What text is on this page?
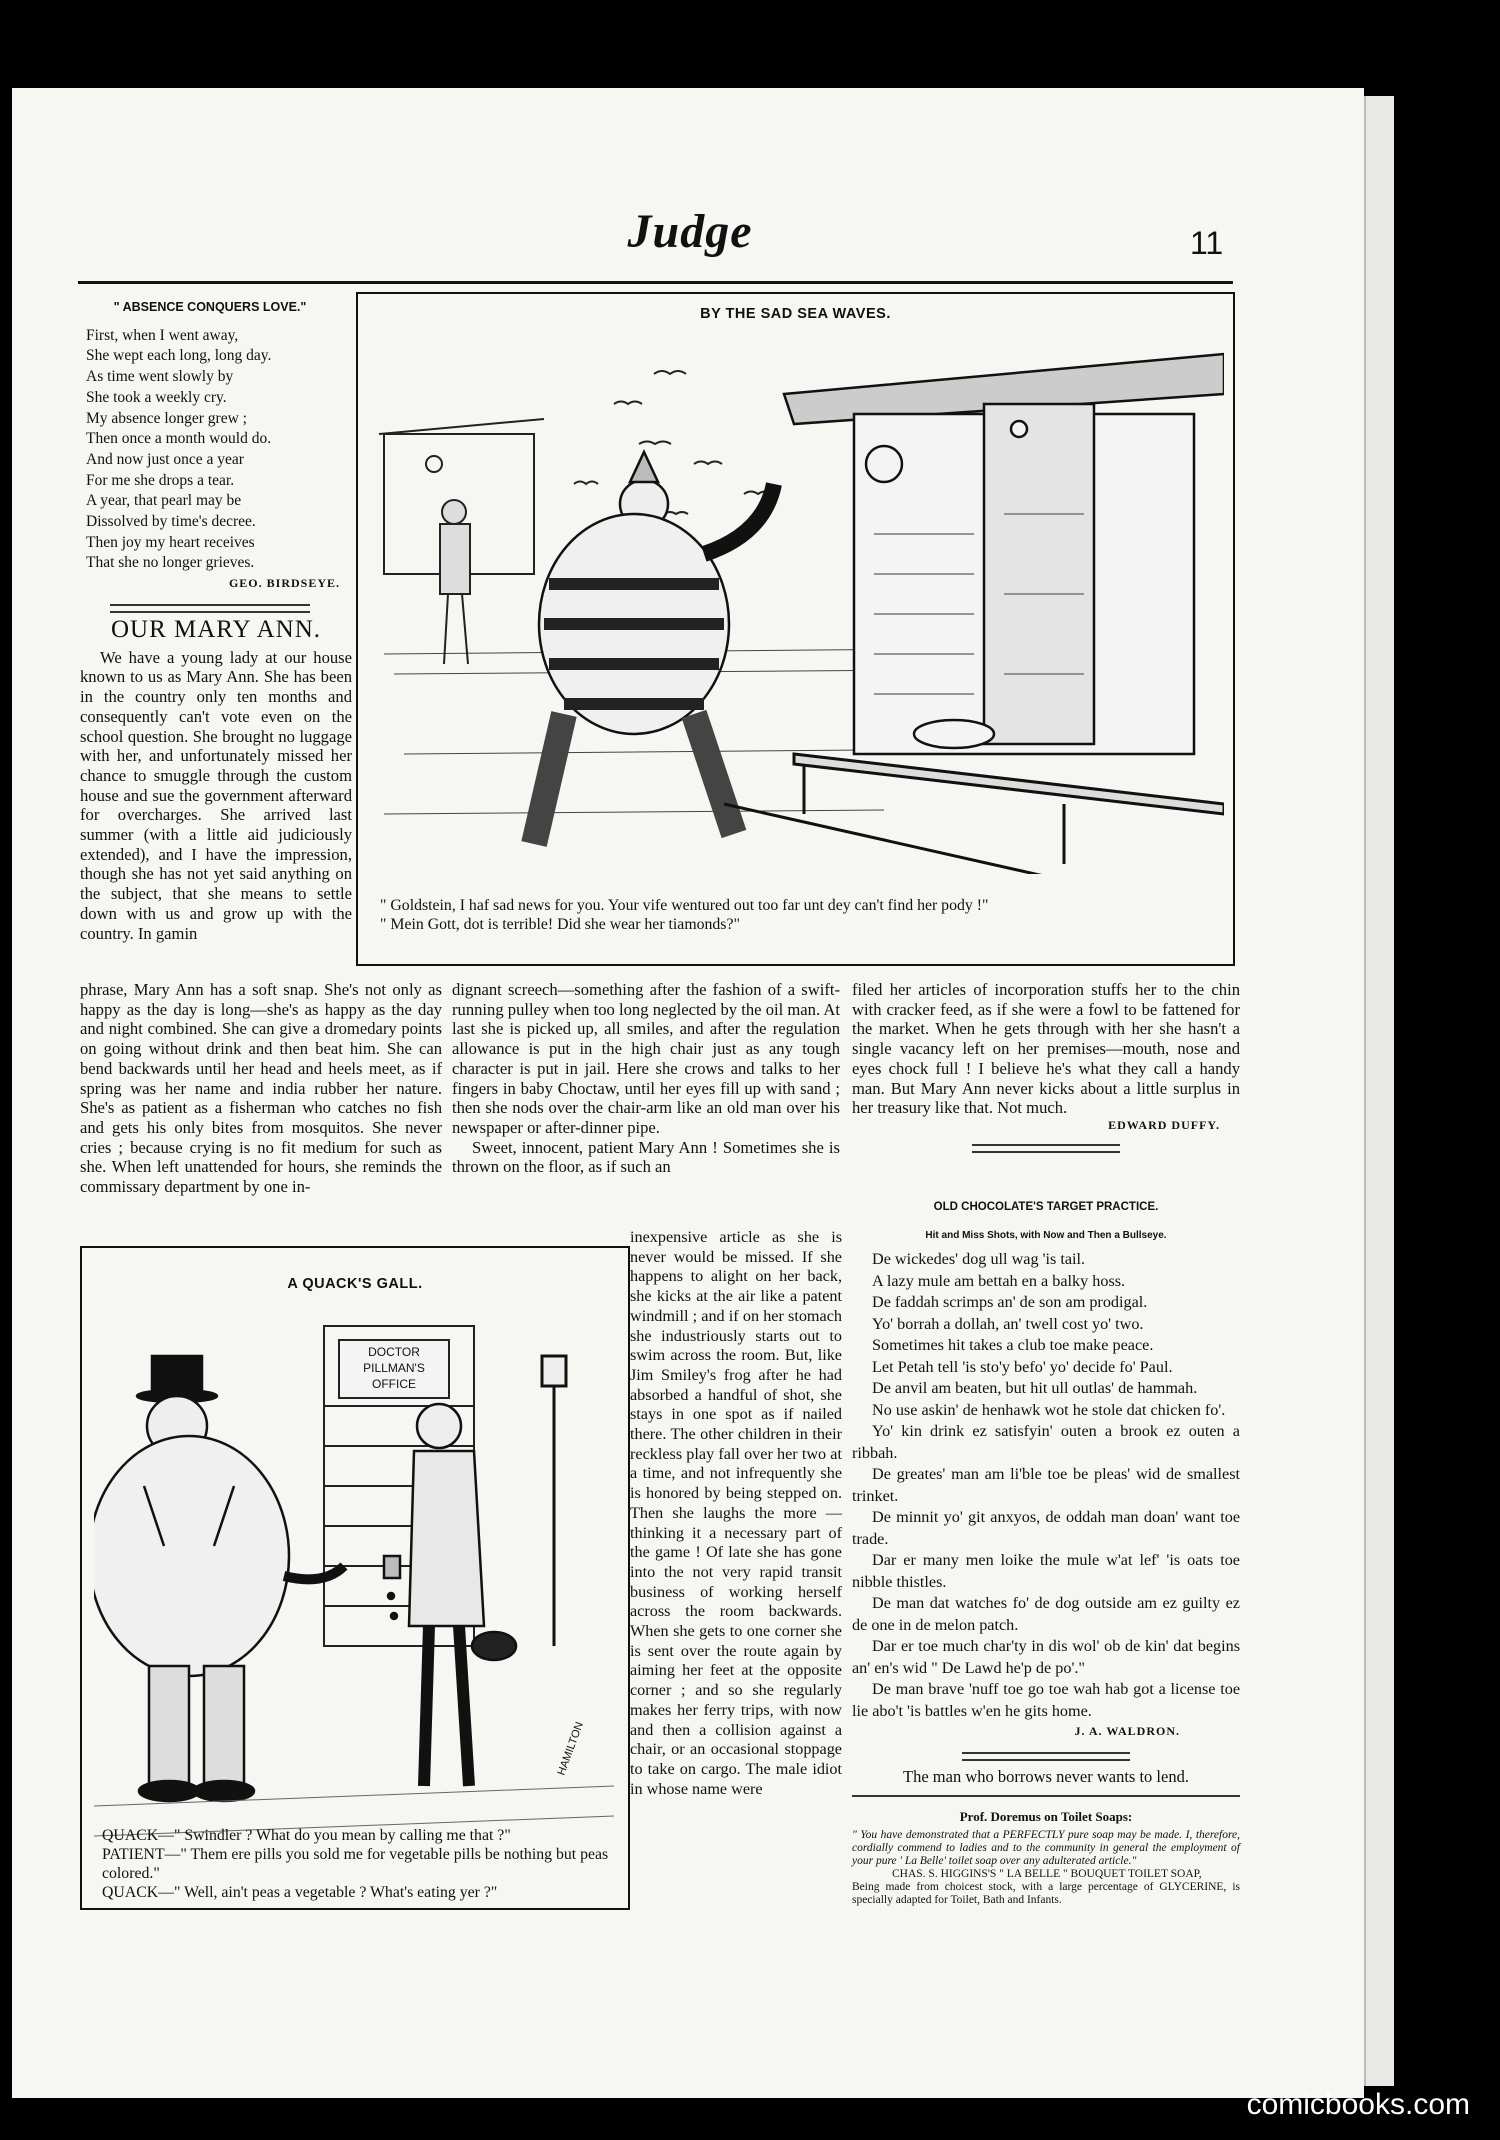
Judge	11
" ABSENCE CONQUERS LOVE."
First, when I went away,
She wept each long, long day.
As time went slowly by
She took a weekly cry.
My absence longer grew ;
Then once a month would do.
And now just once a year
For me she drops a tear.
A year, that pearl may be
Dissolved by time's decree.
Then joy my heart receives
That she no longer grieves.
GEO. BIRDSEYE.
OUR MARY ANN.

We have a young lady at our house known to us as Mary Ann. She has been in the country only ten months and consequently can't vote even on the school question. She brought no luggage with her, and unfortunately missed her chance to smuggle through the custom house and sue the government afterward for overcharges. She arrived last summer (with a little aid judiciously extended), and I have the impression, though she has not yet said anything on the subject, that she means to settle down with us and grow up with the country. In gamin

BY THE SAD SEA WAVES.
" Goldstein, I haf sad news for you. Your vife wentured out too far unt dey can't find her pody !"
" Mein Gott, dot is terrible! Did she wear her tiamonds?"

phrase, Mary Ann has a soft snap. She's not only as happy as the day is long—she's as happy as the day and night combined. She can give a dromedary points on going without drink and then beat him. She can bend backwards until her head and heels meet, as if spring was her name and india rubber her nature. She's as patient as a fisherman who catches no fish and gets his only bites from mosquitos. She never cries ; because crying is no fit medium for such as she. When left unattended for hours, she reminds the commissary department by one in-

dignant screech—something after the fashion of a swift-running pulley when too long neglected by the oil man. At last she is picked up, all smiles, and after the regulation allowance is put in the high chair just as any tough character is put in jail. Here she crows and talks to her fingers in baby Choctaw, until her eyes fill up with sand ; then she nods over the chair-arm like an old man over his newspaper or after-dinner pipe.

Sweet, innocent, patient Mary Ann ! Sometimes she is thrown on the floor, as if such an

filed her articles of incorporation stuffs her to the chin with cracker feed, as if she were a fowl to be fattened for the market. When he gets through with her she hasn't a single vacancy left on her premises—mouth, nose and eyes chock full ! I believe he's what they call a handy man. But Mary Ann never kicks about a little surplus in her treasury like that. Not much.

EDWARD DUFFY.
A QUACK'S GALL.
DOCTOR
PILLMAN'S
OFFICE
HAMILTON
QUACK—" Swindler ? What do you mean by calling me that ?"
PATIENT—" Them ere pills you sold me for vegetable pills be nothing but peas colored."
QUACK—" Well, ain't peas a vegetable ? What's eating yer ?"

inexpensive article as she is never would be missed. If she happens to alight on her back, she kicks at the air like a patent windmill ; and if on her stomach she industriously starts out to swim across the room. But, like Jim Smiley's frog after he had absorbed a handful of shot, she stays in one spot as if nailed there. The other children in their reckless play fall over her two at a time, and not infrequently she is honored by being stepped on. Then she laughs the more —thinking it a necessary part of the game ! Of late she has gone into the not very rapid transit business of working herself across the room backwards. When she gets to one corner she is sent over the route again by aiming her feet at the opposite corner ; and so she regularly makes her ferry trips, with now and then a collision against a chair, or an occasional stoppage to take on cargo. The male idiot in whose name were

OLD CHOCOLATE'S TARGET PRACTICE.
Hit and Miss Shots, with Now and Then a Bullseye.

De wickedes' dog ull wag 'is tail.

A lazy mule am bettah en a balky hoss.

De faddah scrimps an' de son am prodigal.

Yo' borrah a dollah, an' twell cost yo' two.

Sometimes hit takes a club toe make peace.

Let Petah tell 'is sto'y befo' yo' decide fo' Paul.

De anvil am beaten, but hit ull outlas' de hammah.

No use askin' de henhawk wot he stole dat chicken fo'.

Yo' kin drink ez satisfyin' outen a brook ez outen a ribbah.

De greates' man am li'ble toe be pleas' wid de smallest trinket.

De minnit yo' git anxyos, de oddah man doan' want toe trade.

Dar er many men loike the mule w'at lef' 'is oats toe nibble thistles.

De man dat watches fo' de dog outside am ez guilty ez de one in de melon patch.

Dar er toe much char'ty in dis wol' ob de kin' dat begins an' en's wid " De Lawd he'p de po'."

De man brave 'nuff toe go toe wah hab got a license toe lie abo't 'is battles w'en he gits home.

J. A. WALDRON.
The man who borrows never wants to lend.
Prof. Doremus on Toilet Soaps:
" You have demonstrated that a PERFECTLY pure soap may be made. I, therefore, cordially commend to ladies and to the community in general the employment of your pure ' La Belle' toilet soap over any adulterated article."
CHAS. S. HIGGINS'S " LA BELLE " BOUQUET TOILET SOAP,
Being made from choicest stock, with a large percentage of GLYCERINE, is specially adapted for Toilet, Bath and Infants.
comicbooks.com
